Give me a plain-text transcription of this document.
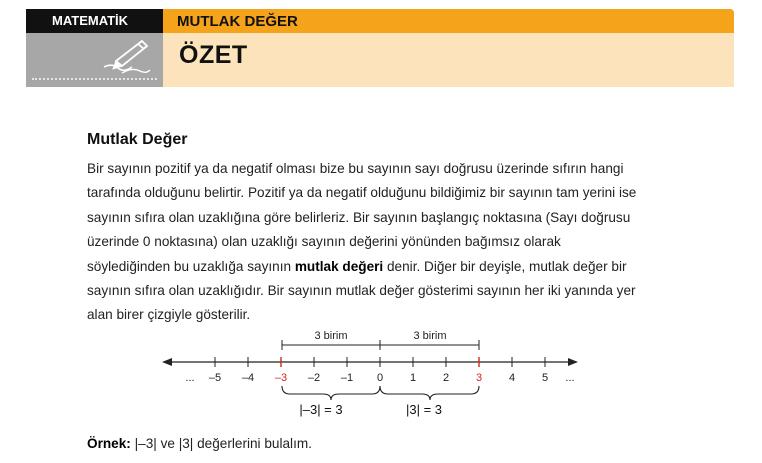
MATEMATİK	MUTLAK DEĞER
ÖZET
Mutlak Değer
Bir sayının pozitif ya da negatif olması bize bu sayının sayı doğrusu üzerinde sıfırın hangi
tarafında olduğunu belirtir. Pozitif ya da negatif olduğunu bildiğimiz bir sayının tam yerini ise
sayının sıfıra olan uzaklığına göre belirleriz. Bir sayının başlangıç noktasına (Sayı doğrusu
üzerinde 0 noktasına) olan uzaklığı sayının değerini yönünden bağımsız olarak
söylediğinden bu uzaklığa sayının mutlak değeri denir. Diğer bir deyişle, mutlak değer bir
sayının sıfıra olan uzaklığıdır. Bir sayının mutlak değer gösterimi sayının her iki yanında yer
alan birer çizgiyle gösterilir.
3 birim	3 birim
... –5 –4 –3 –2 –1 0 1 2 3 4 5 ...
|–3| = 3	|3| = 3
Örnek: |–3| ve |3| değerlerini bulalım.
